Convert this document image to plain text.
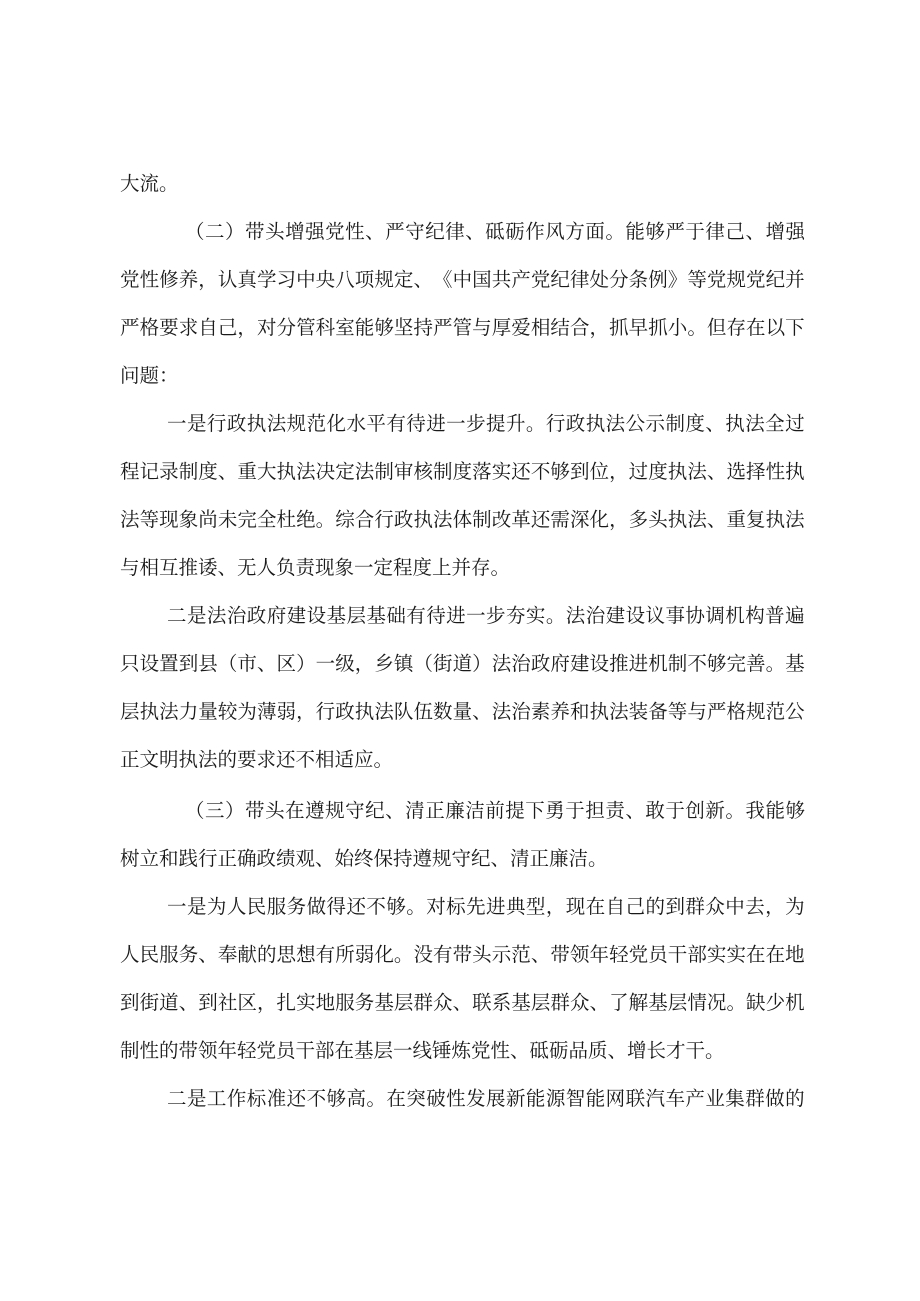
大流。
（ 二 ） 带 头 增 强 党 性 、 严 守 纪 律 、 砥 砺 作 风 方 面 。 能 够 严 于 律 己 、 增 强
党 性 修 养 ， 认 真 学 习 中 央 八 项 规 定 、 《 中 国 共 产 党 纪 律 处 分 条 例 》 等 党 规 党 纪 并
严 格 要 求 自 己 ， 对 分 管 科 室 能 够 坚 持 严 管 与 厚 爱 相 结 合 ， 抓 早 抓 小 。 但 存 在 以 下
问题：
一 是 行 政 执 法 规 范 化 水 平 有 待 进 一 步 提 升 。 行 政 执 法 公 示 制 度 、 执 法 全 过
程 记 录 制 度 、 重 大 执 法 决 定 法 制 审 核 制 度 落 实 还 不 够 到 位 ， 过 度 执 法 、 选 择 性 执
法 等 现 象 尚 未 完 全 杜 绝 。 综 合 行 政 执 法 体 制 改 革 还 需 深 化 ， 多 头 执 法 、 重 复 执 法
与相互推诿、无人负责现象一定程度上并存。
二 是 法 治 政 府 建 设 基 层 基 础 有 待 进 一 步 夯 实 。 法 治 建 设 议 事 协 调 机 构 普 遍
只 设 置 到 县 （ 市 、 区 ） 一 级 ， 乡 镇 （ 街 道 ） 法 治 政 府 建 设 推 进 机 制 不 够 完 善 。 基
层 执 法 力 量 较 为 薄 弱 ， 行 政 执 法 队 伍 数 量 、 法 治 素 养 和 执 法 装 备 等 与 严 格 规 范 公
正文明执法的要求还不相适应。
（ 三 ） 带 头 在 遵 规 守 纪 、 清 正 廉 洁 前 提 下 勇 于 担 责 、 敢 于 创 新 。 我 能 够
树立和践行正确政绩观、始终保持遵规守纪、清正廉洁。
一 是 为 人 民 服 务 做 得 还 不 够 。 对 标 先 进 典 型 ， 现 在 自 己 的 到 群 众 中 去 ， 为
人 民 服 务 、 奉 献 的 思 想 有 所 弱 化 。 没 有 带 头 示 范 、 带 领 年 轻 党 员 干 部 实 实 在 在 地
到 街 道 、 到 社 区 ， 扎 实 地 服 务 基 层 群 众 、 联 系 基 层 群 众 、 了 解 基 层 情 况 。 缺 少 机
制性的带领年轻党员干部在基层一线锤炼党性、砥砺品质、增长才干。
二 是 工 作 标 准 还 不 够 高 。 在 突 破 性 发 展 新 能 源 智 能 网 联 汽 车 产 业 集 群 做 的
